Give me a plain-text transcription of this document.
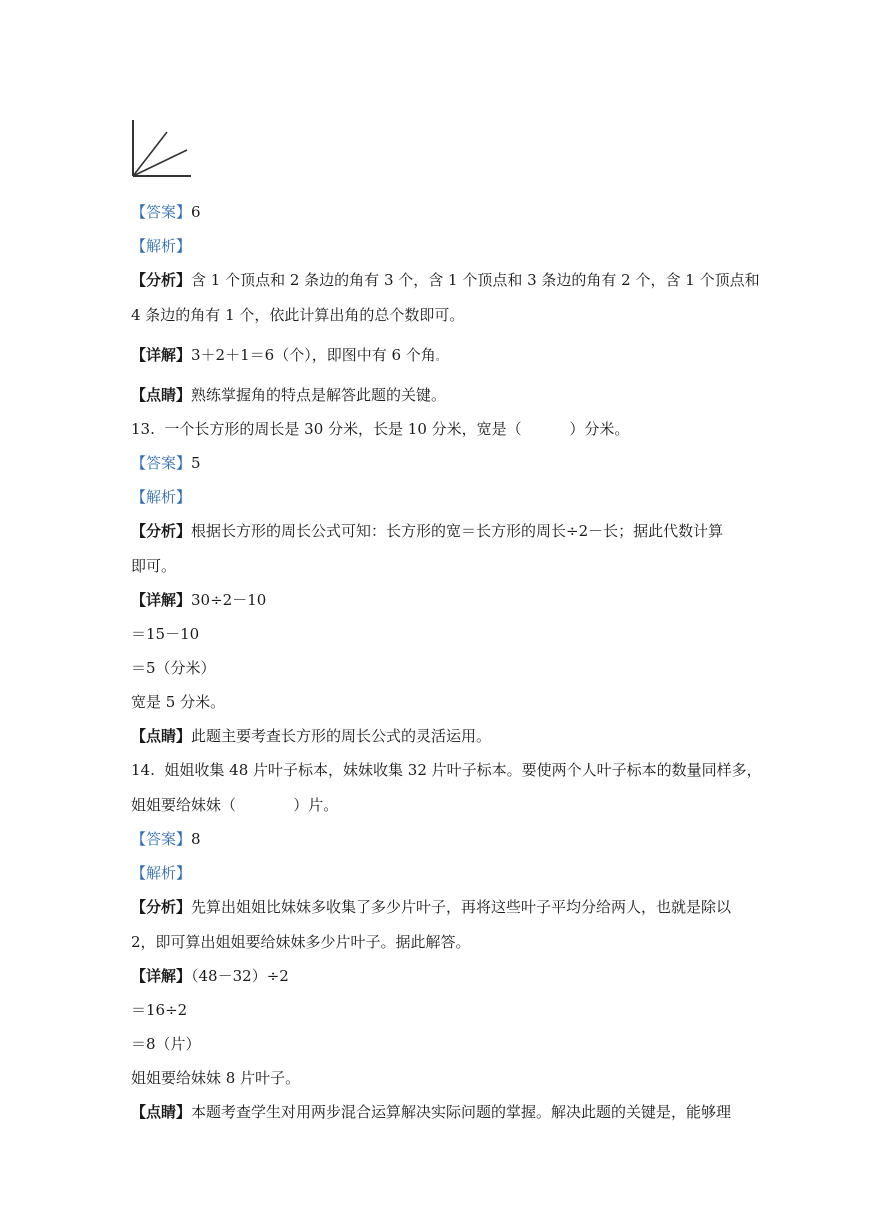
【答案】6
【解析】
【分析】含 1 个顶点和 2 条边的角有 3 个，含 1 个顶点和 3 条边的角有 2 个，含 1 个顶点和
4 条边的角有 1 个，依此计算出角的总个数即可。
【详解】3＋2＋1＝6（个），即图中有 6 个角。
【点睛】熟练掌握角的特点是解答此题的关键。
13.  一个长方形的周长是 30 分米，长是 10 分米，宽是（          ）分米。
【答案】5
【解析】
【分析】根据长方形的周长公式可知：长方形的宽＝长方形的周长÷2－长；据此代数计算
即可。
【详解】30÷2－10
＝15－10
＝5（分米）
宽是 5 分米。
【点睛】此题主要考查长方形的周长公式的灵活运用。
14.  姐姐收集 48 片叶子标本，妹妹收集 32 片叶子标本。要使两个人叶子标本的数量同样多，
姐姐要给妹妹（            ）片。
【答案】8
【解析】
【分析】先算出姐姐比妹妹多收集了多少片叶子，再将这些叶子平均分给两人，也就是除以
2，即可算出姐姐要给妹妹多少片叶子。据此解答。
【详解】（48－32）÷2
＝16÷2
＝8（片）
姐姐要给妹妹 8 片叶子。
【点睛】本题考查学生对用两步混合运算解决实际问题的掌握。解决此题的关键是，能够理
